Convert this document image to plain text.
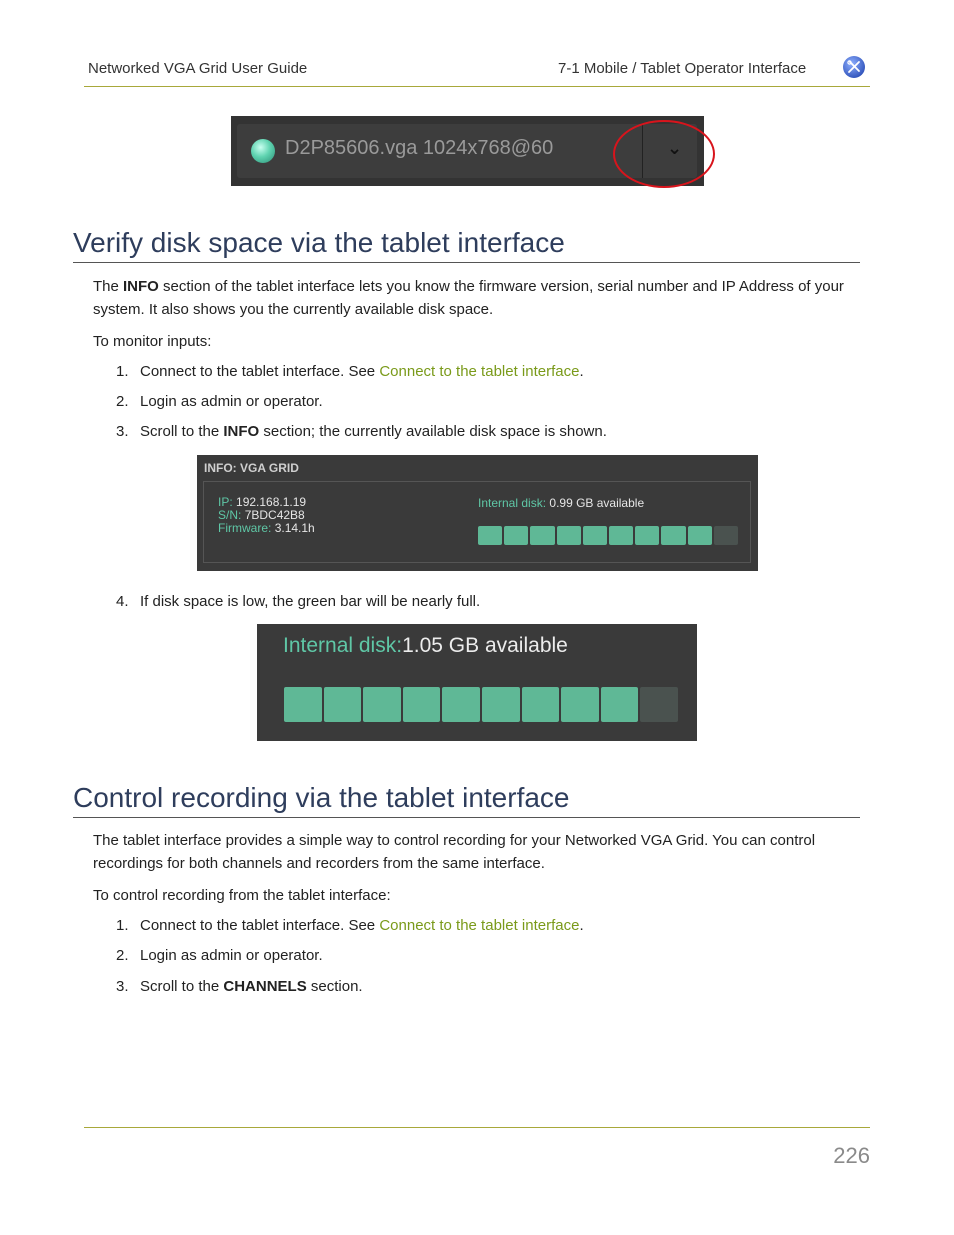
Networked VGA Grid User Guide	7-1 Mobile / Tablet Operator Interface
D2P85606.vga 1024x768@60	⌄
Verify disk space via the tablet interface
The INFO section of the tablet interface lets you know the firmware version, serial number and IP Address of your system. It also shows you the currently available disk space.
To monitor inputs:
1. Connect to the tablet interface. See Connect to the tablet interface.
2. Login as admin or operator.
3. Scroll to the INFO section; the currently available disk space is shown.
INFO: VGA GRID
IP: 192.168.1.19
S/N: 7BDC42B8
Firmware: 3.14.1h
Internal disk: 0.99 GB available
4. If disk space is low, the green bar will be nearly full.
Internal disk:1.05 GB available
Control recording via the tablet interface
The tablet interface provides a simple way to control recording for your Networked VGA Grid. You can control recordings for both channels and recorders from the same interface.
To control recording from the tablet interface:
1. Connect to the tablet interface. See Connect to the tablet interface.
2. Login as admin or operator.
3. Scroll to the CHANNELS section.
226
